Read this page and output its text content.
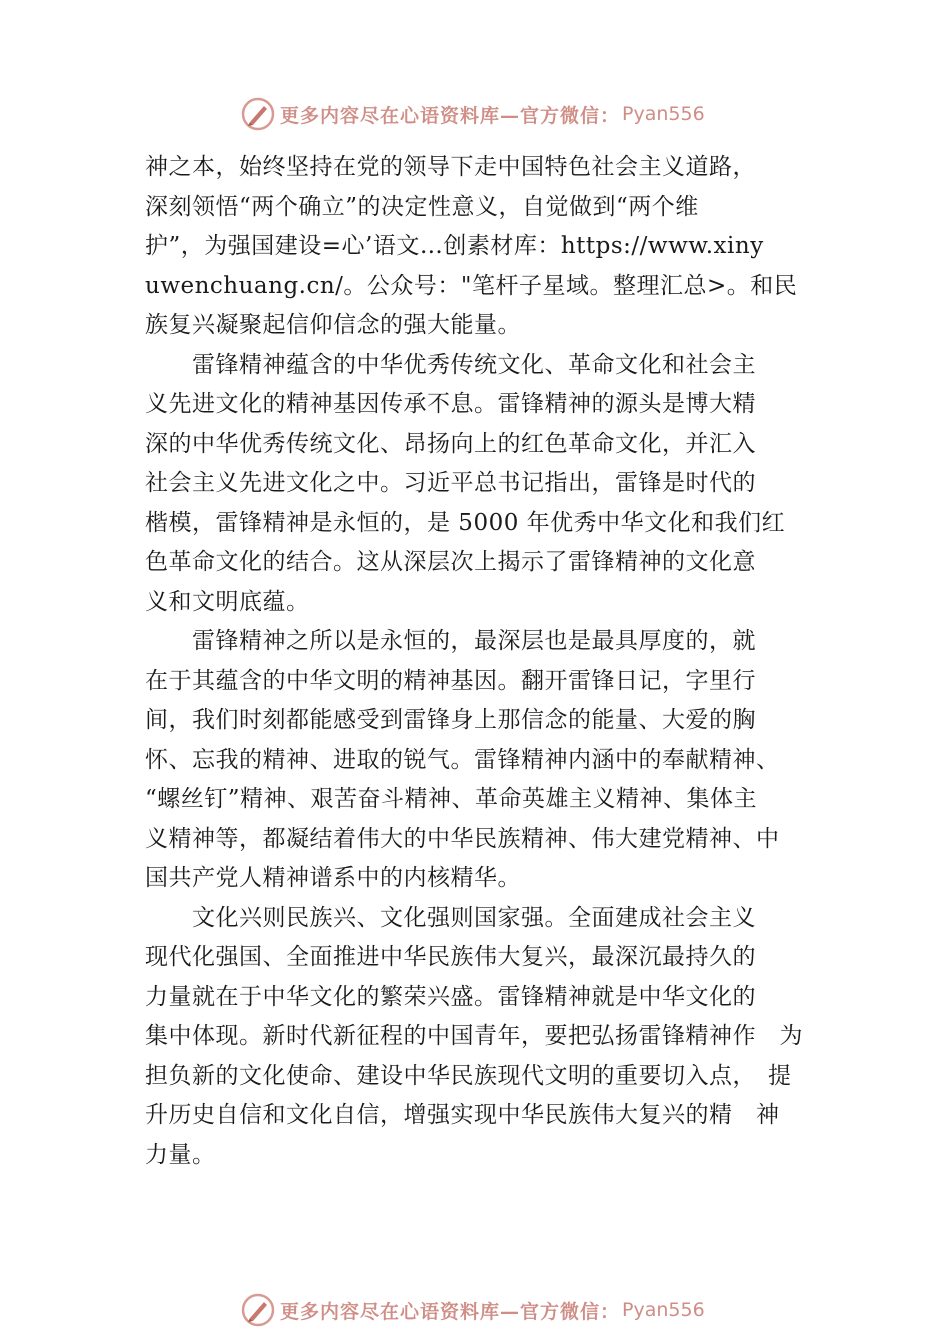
更多内容尽在心语资料库—官方微信： Pyan556
神之本，始终坚持在党的领导下走中国特色社会主义道路，
深刻领悟“两个确立”的决定性意义，自觉做到“两个维
护”，为强国建设=心’语文…创素材库：https://www.xiny
uwenchuang.cn/。公众号："笔杆子星域。整理汇总>。和民
族复兴凝聚起信仰信念的强大能量。
　　雷锋精神蕴含的中华优秀传统文化、革命文化和社会主
义先进文化的精神基因传承不息。雷锋精神的源头是博大精
深的中华优秀传统文化、昂扬向上的红色革命文化，并汇入
社会主义先进文化之中。习近平总书记指出，雷锋是时代的
楷模，雷锋精神是永恒的，是 5000 年优秀中华文化和我们红
色革命文化的结合。这从深层次上揭示了雷锋精神的文化意
义和文明底蕴。
　　雷锋精神之所以是永恒的，最深层也是最具厚度的，就
在于其蕴含的中华文明的精神基因。翻开雷锋日记，字里行
间，我们时刻都能感受到雷锋身上那信念的能量、大爱的胸
怀、忘我的精神、进取的锐气。雷锋精神内涵中的奉献精神、
“螺丝钉”精神、艰苦奋斗精神、革命英雄主义精神、集体主
义精神等，都凝结着伟大的中华民族精神、伟大建党精神、中
国共产党人精神谱系中的内核精华。
　　文化兴则民族兴、文化强则国家强。全面建成社会主义
现代化强国、全面推进中华民族伟大复兴，最深沉最持久的
力量就在于中华文化的繁荣兴盛。雷锋精神就是中华文化的
集中体现。新时代新征程的中国青年，要把弘扬雷锋精神作　为
担负新的文化使命、建设中华民族现代文明的重要切入点，　提
升历史自信和文化自信，增强实现中华民族伟大复兴的精　神
力量。
更多内容尽在心语资料库—官方微信： Pyan556
